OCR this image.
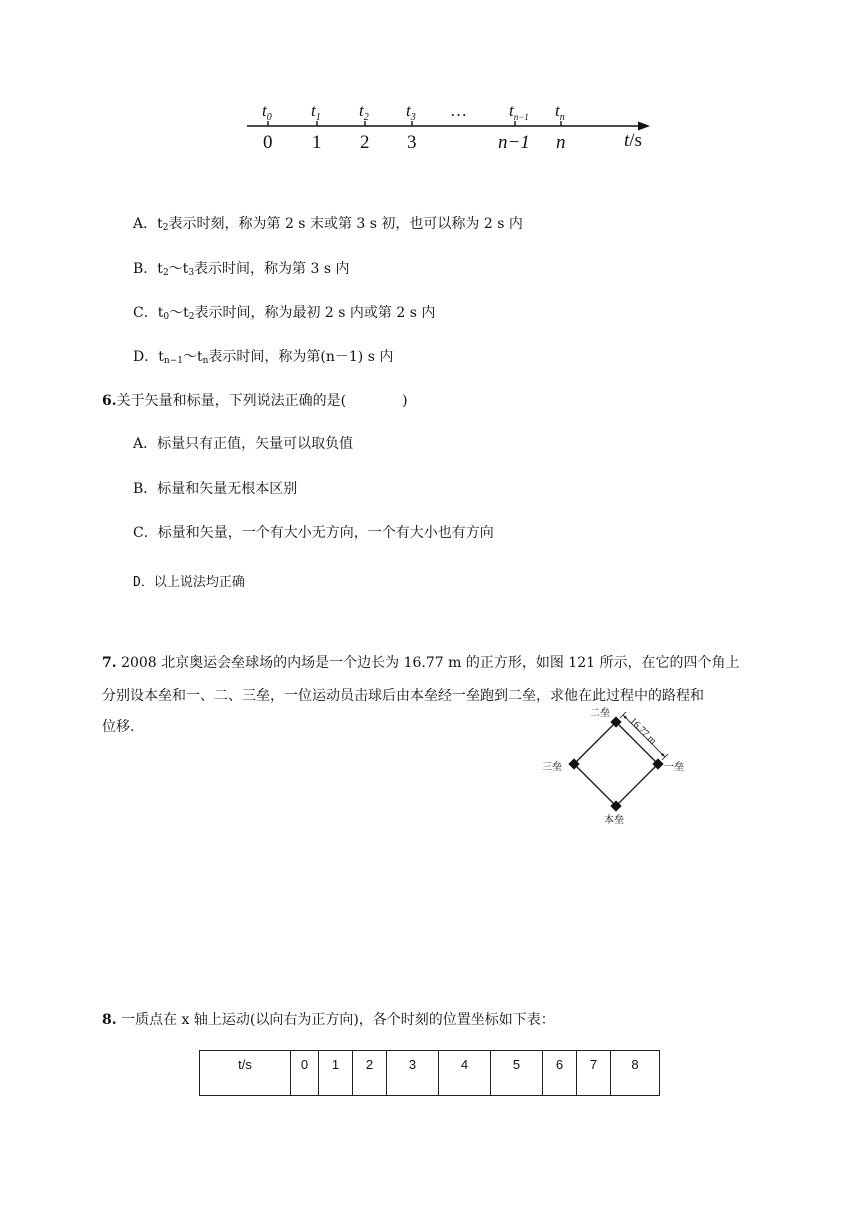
$t_0$ $t_1$ $t_2$ $t_3$ … $t_{n-1}$ $t_n$
0 1 2 3	n−1 n	t/s
A．$t_2$表示时刻，称为第 2 s 末或第 3 s 初，也可以称为 2 s 内
B．$t_2\sim t_3$表示时间，称为第 3 s 内
C．$t_0\sim t_2$表示时间，称为最初 2 s 内或第 2 s 内
D．$t_{n-1}\sim t_n$表示时间，称为第(n－1) s 内
6.关于矢量和标量，下列说法正确的是(	)
A．标量只有正值，矢量可以取负值
B．标量和矢量无根本区别
C．标量和矢量，一个有大小无方向，一个有大小也有方向
D．以上说法均正确
7. 2008 北京奥运会垒球场的内场是一个边长为 16.77 m 的正方形，如图 121 所示，在它的四个角上
分别设本垒和一、二、三垒，一位运动员击球后由本垒经一垒跑到二垒，求他在此过程中的路程和
位移.	16.77 m
二垒
一垒
三垒
本垒
8. 一质点在 x 轴上运动(以向右为正方向)，各个时刻的位置坐标如下表：
t/s	0	1	2	3	4	5	6	7	8
